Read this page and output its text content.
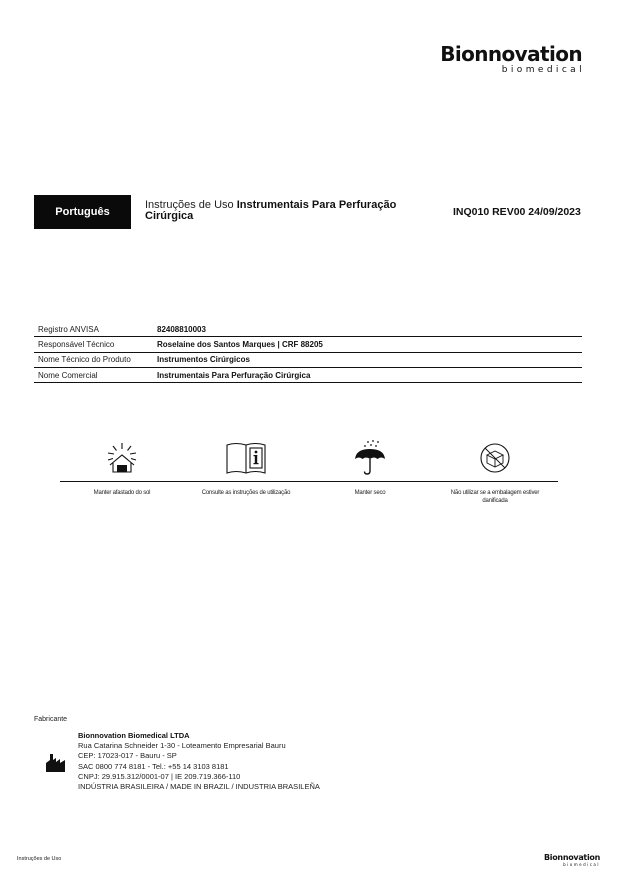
Bionnovation
biomedical
Português
Instruções de Uso Instrumentais Para Perfuração Cirúrgica	INQ010 REV00 24/09/2023
Registro ANVISA	82408810003
Responsável Técnico	Roselaine dos Santos Marques | CRF 88205
Nome Técnico do Produto	Instrumentos Cirúrgicos
Nome Comercial	Instrumentais Para Perfuração Cirúrgica
Manter afastado do sol	Consulte as instruções de utilização	Manter seco	Não utilizar se a embalagem estiver danificada
Fabricante
Bionnovation Biomedical LTDA
Rua Catarina Schneider 1-30 - Loteamento Empresarial Bauru
CEP: 17023-017 - Bauru - SP
SAC 0800 774 8181 - Tel.: +55 14 3103 8181
CNPJ: 29.915.312/0001-07 | IE 209.719.366-110
INDÚSTRIA BRASILEIRA / MADE IN BRAZIL / INDUSTRIA BRASILEÑA
Instruções de Uso	Bionnovation
biomedical
